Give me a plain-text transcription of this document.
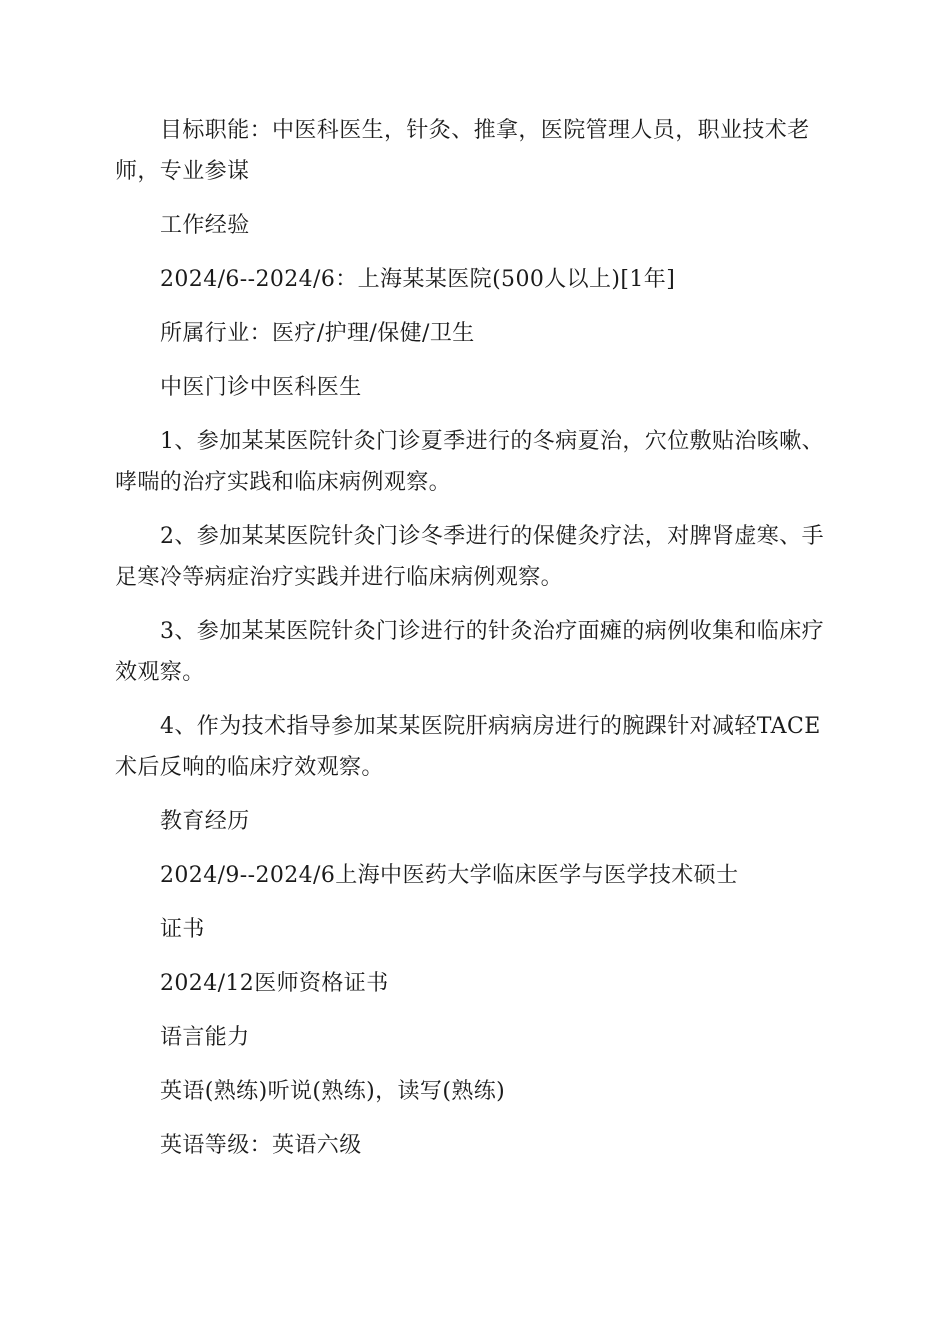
目标职能：中医科医生，针灸、推拿，医院管理人员，职业技术老师，专业参谋

工作经验

2024/6--2024/6：上海某某医院(500人以上)[1年]

所属行业：医疗/护理/保健/卫生

中医门诊中医科医生

1、参加某某医院针灸门诊夏季进行的冬病夏治，穴位敷贴治咳嗽、哮喘的治疗实践和临床病例观察。

2、参加某某医院针灸门诊冬季进行的保健灸疗法，对脾肾虚寒、手足寒冷等病症治疗实践并进行临床病例观察。

3、参加某某医院针灸门诊进行的针灸治疗面瘫的病例收集和临床疗效观察。

4、作为技术指导参加某某医院肝病病房进行的腕踝针对减轻TACE术后反响的临床疗效观察。

教育经历

2024/9--2024/6上海中医药大学临床医学与医学技术硕士

证书

2024/12医师资格证书

语言能力

英语(熟练)听说(熟练)，读写(熟练)

英语等级：英语六级
